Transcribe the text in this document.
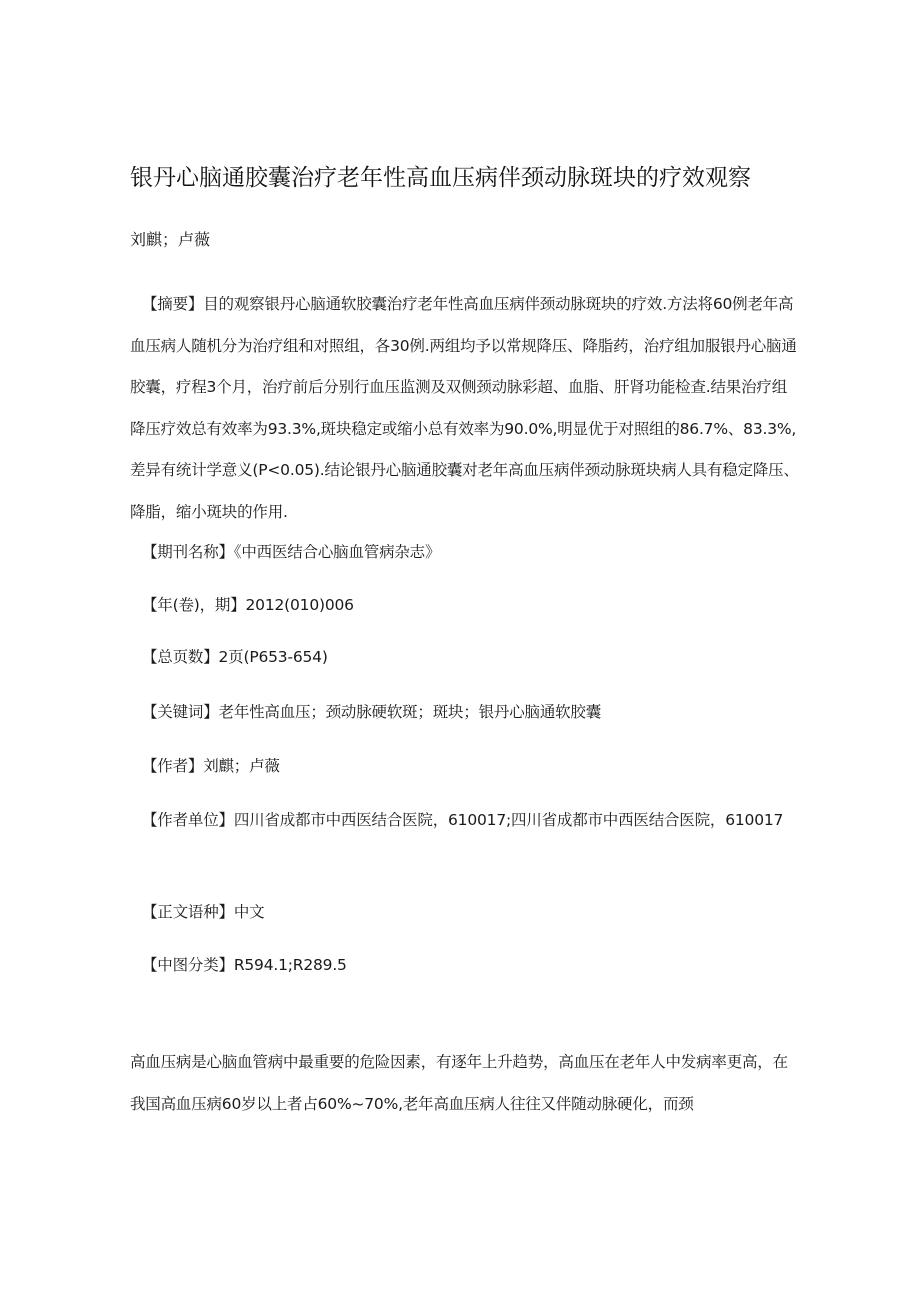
银丹心脑通胶囊治疗老年性高血压病伴颈动脉斑块的疗效观察
刘麒；卢薇
【摘要】目的观察银丹心脑通软胶囊治疗老年性高血压病伴颈动脉斑块的疗效.方法将60例老年高血压病人随机分为治疗组和对照组，各30例.两组均予以常规降压、降脂药，治疗组加服银丹心脑通胶囊，疗程3个月，治疗前后分别行血压监测及双侧颈动脉彩超、血脂、肝肾功能检查.结果治疗组降压疗效总有效率为93.3%,斑块稳定或缩小总有效率为90.0%,明显优于对照组的86.7%、83.3%,差异有统计学意义(P<0.05).结论银丹心脑通胶囊对老年高血压病伴颈动脉斑块病人具有稳定降压、降脂，缩小斑块的作用.
【期刊名称】《中西医结合心脑血管病杂志》
【年(卷)，期】2012(010)006
【总页数】2页(P653-654)
【关键词】老年性高血压；颈动脉硬软斑；斑块；银丹心脑通软胶囊
【作者】刘麒；卢薇
【作者单位】四川省成都市中西医结合医院，610017;四川省成都市中西医结合医院，610017
【正文语种】中文
【中图分类】R594.1;R289.5
高血压病是心脑血管病中最重要的危险因素，有逐年上升趋势，高血压在老年人中发病率更高，在我国高血压病60岁以上者占60%~70%,老年高血压病人往往又伴随动脉硬化，而颈
